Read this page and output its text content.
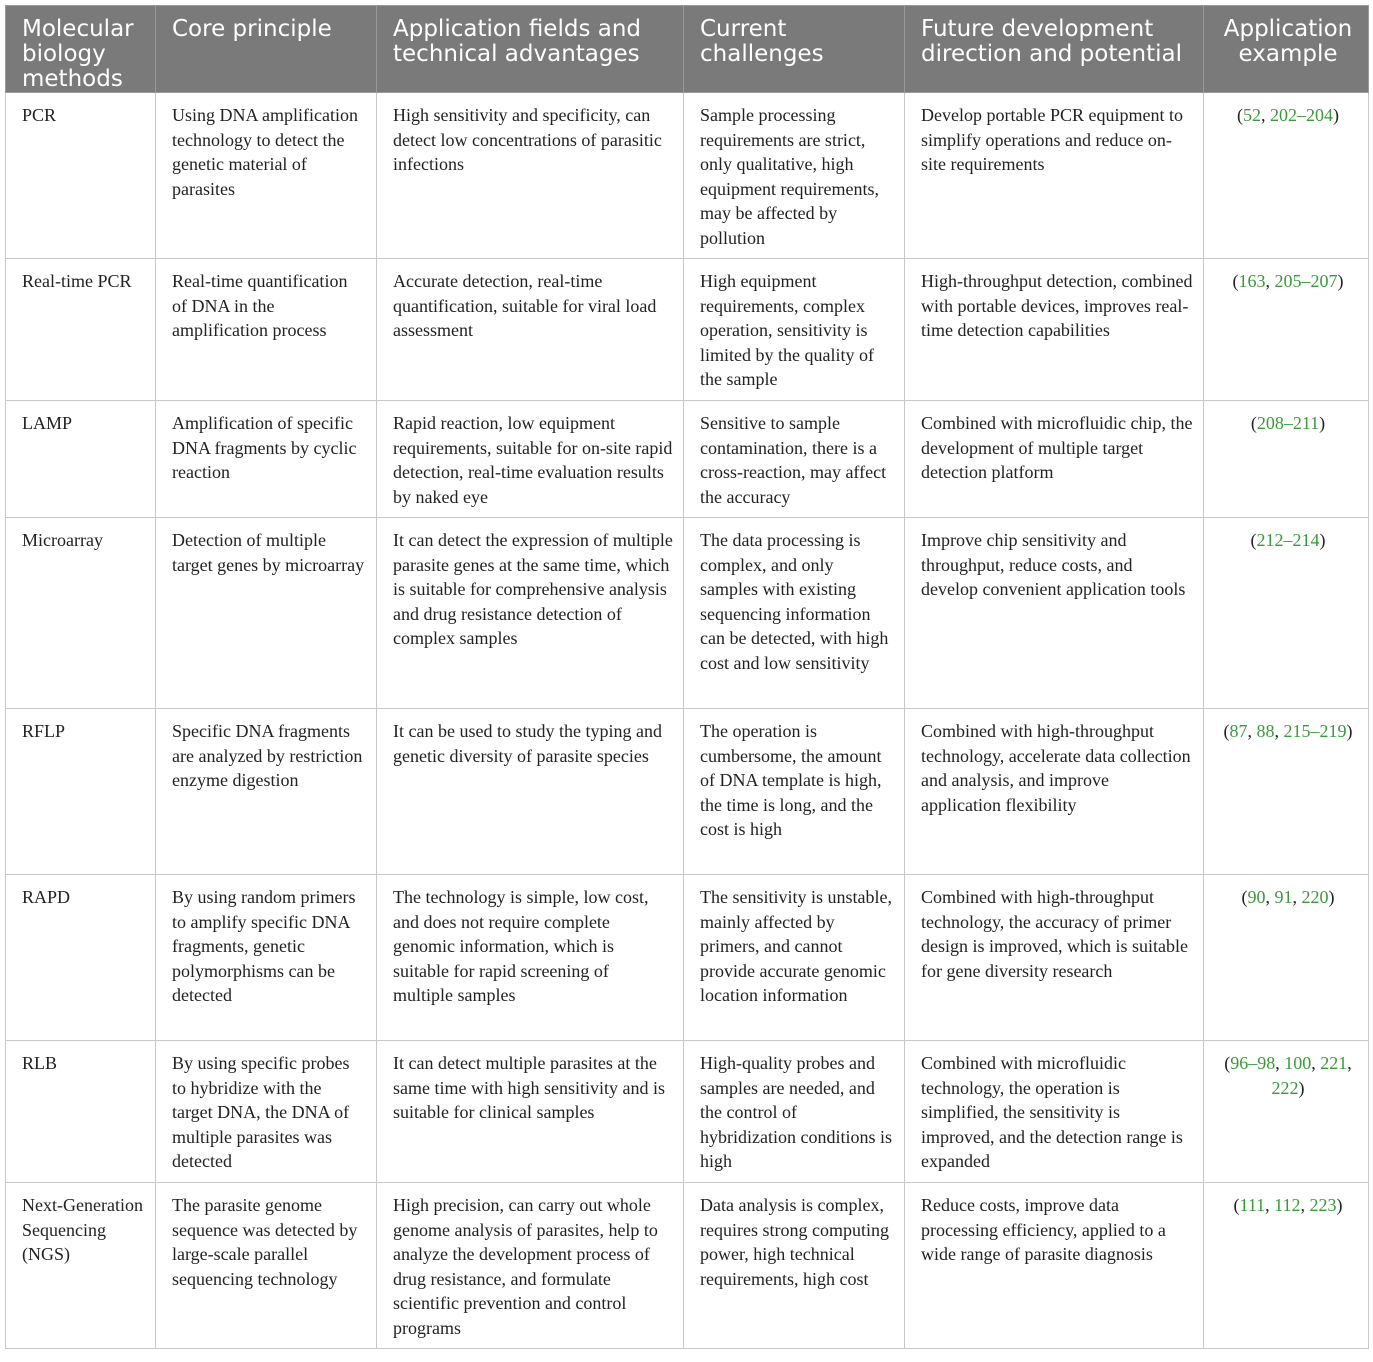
Molecular biology methods	Core principle	Application fields and technical advantages	Current challenges	Future development direction and potential	Application example
PCR	Using DNA amplification technology to detect the genetic material of parasites	High sensitivity and specificity, can detect low concentrations of parasitic infections	Sample processing requirements are strict, only qualitative, high equipment requirements, may be affected by pollution	Develop portable PCR equipment to simplify operations and reduce on-site requirements	(52, 202–204)
Real-time PCR	Real-time quantification of DNA in the amplification process	Accurate detection, real-time quantification, suitable for viral load assessment	High equipment requirements, complex operation, sensitivity is limited by the quality of the sample	High-throughput detection, combined with portable devices, improves real-time detection capabilities	(163, 205–207)
LAMP	Amplification of specific DNA fragments by cyclic reaction	Rapid reaction, low equipment requirements, suitable for on-site rapid detection, real-time evaluation results by naked eye	Sensitive to sample contamination, there is a cross-reaction, may affect the accuracy	Combined with microfluidic chip, the development of multiple target detection platform	(208–211)
Microarray	Detection of multiple target genes by microarray	It can detect the expression of multiple parasite genes at the same time, which is suitable for comprehensive analysis and drug resistance detection of complex samples	The data processing is complex, and only samples with existing sequencing information can be detected, with high cost and low sensitivity	Improve chip sensitivity and throughput, reduce costs, and develop convenient application tools	(212–214)
RFLP	Specific DNA fragments are analyzed by restriction enzyme digestion	It can be used to study the typing and genetic diversity of parasite species	The operation is cumbersome, the amount of DNA template is high, the time is long, and the cost is high	Combined with high-throughput technology, accelerate data collection and analysis, and improve application flexibility	(87, 88, 215–219)
RAPD	By using random primers to amplify specific DNA fragments, genetic polymorphisms can be detected	The technology is simple, low cost, and does not require complete genomic information, which is suitable for rapid screening of multiple samples	The sensitivity is unstable, mainly affected by primers, and cannot provide accurate genomic location information	Combined with high-throughput technology, the accuracy of primer design is improved, which is suitable for gene diversity research	(90, 91, 220)
RLB	By using specific probes to hybridize with the target DNA, the DNA of multiple parasites was detected	It can detect multiple parasites at the same time with high sensitivity and is suitable for clinical samples	High-quality probes and samples are needed, and the control of hybridization conditions is high	Combined with microfluidic technology, the operation is simplified, the sensitivity is improved, and the detection range is expanded	(96–98, 100, 221, 222)
Next-Generation Sequencing (NGS)	The parasite genome sequence was detected by large-scale parallel sequencing technology	High precision, can carry out whole genome analysis of parasites, help to analyze the development process of drug resistance, and formulate scientific prevention and control programs	Data analysis is complex, requires strong computing power, high technical requirements, high cost	Reduce costs, improve data processing efficiency, applied to a wide range of parasite diagnosis	(111, 112, 223)
